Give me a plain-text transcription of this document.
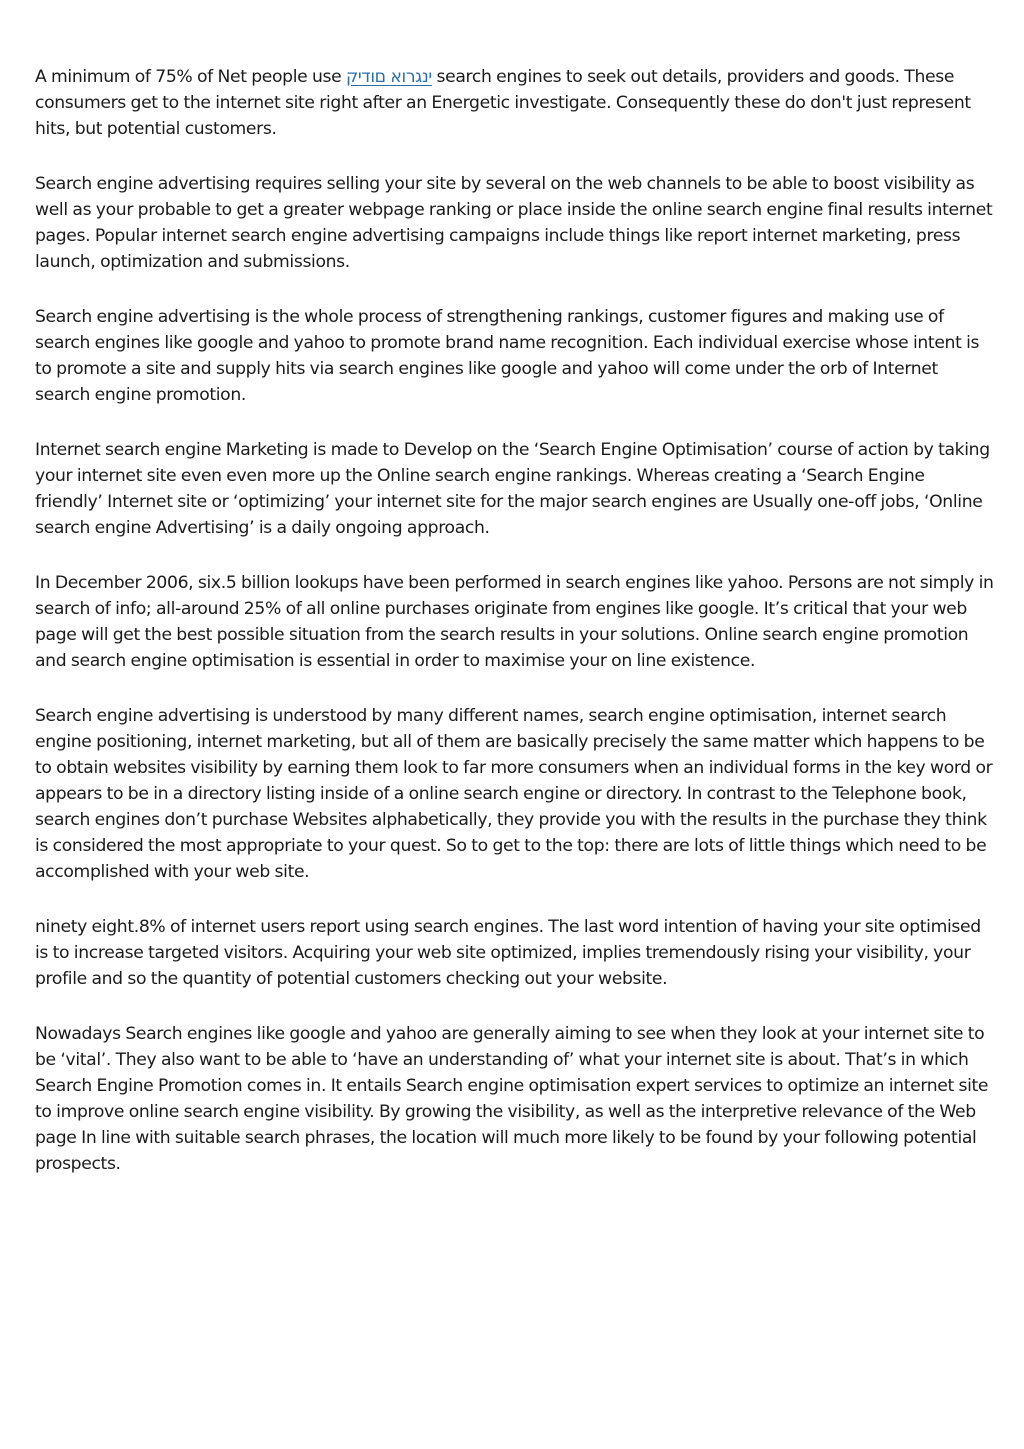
A minimum of 75% of Net people use ינגרוא םודיק search engines to seek out details, providers and goods. These consumers get to the internet site right after an Energetic investigate. Consequently these do don't just represent hits, but potential customers.

Search engine advertising requires selling your site by several on the web channels to be able to boost visibility as well as your probable to get a greater webpage ranking or place inside the online search engine final results internet pages. Popular internet search engine advertising campaigns include things like report internet marketing, press launch, optimization and submissions.

Search engine advertising is the whole process of strengthening rankings, customer figures and making use of search engines like google and yahoo to promote brand name recognition. Each individual exercise whose intent is to promote a site and supply hits via search engines like google and yahoo will come under the orb of Internet search engine promotion.

Internet search engine Marketing is made to Develop on the ‘Search Engine Optimisation’ course of action by taking your internet site even even more up the Online search engine rankings. Whereas creating a ‘Search Engine friendly’ Internet site or ‘optimizing’ your internet site for the major search engines are Usually one-off jobs, ‘Online search engine Advertising’ is a daily ongoing approach.

In December 2006, six.5 billion lookups have been performed in search engines like yahoo. Persons are not simply in search of info; all-around 25% of all online purchases originate from engines like google. It’s critical that your web page will get the best possible situation from the search results in your solutions. Online search engine promotion and search engine optimisation is essential in order to maximise your on line existence.

Search engine advertising is understood by many different names, search engine optimisation, internet search engine positioning, internet marketing, but all of them are basically precisely the same matter which happens to be to obtain websites visibility by earning them look to far more consumers when an individual forms in the key word or appears to be in a directory listing inside of a online search engine or directory. In contrast to the Telephone book, search engines don’t purchase Websites alphabetically, they provide you with the results in the purchase they think is considered the most appropriate to your quest. So to get to the top: there are lots of little things which need to be accomplished with your web site.

ninety eight.8% of internet users report using search engines. The last word intention of having your site optimised is to increase targeted visitors. Acquiring your web site optimized, implies tremendously rising your visibility, your profile and so the quantity of potential customers checking out your website.

Nowadays Search engines like google and yahoo are generally aiming to see when they look at your internet site to be ‘vital’. They also want to be able to ‘have an understanding of’ what your internet site is about. That’s in which Search Engine Promotion comes in. It entails Search engine optimisation expert services to optimize an internet site to improve online search engine visibility. By growing the visibility, as well as the interpretive relevance of the Web page In line with suitable search phrases, the location will much more likely to be found by your following potential prospects.
